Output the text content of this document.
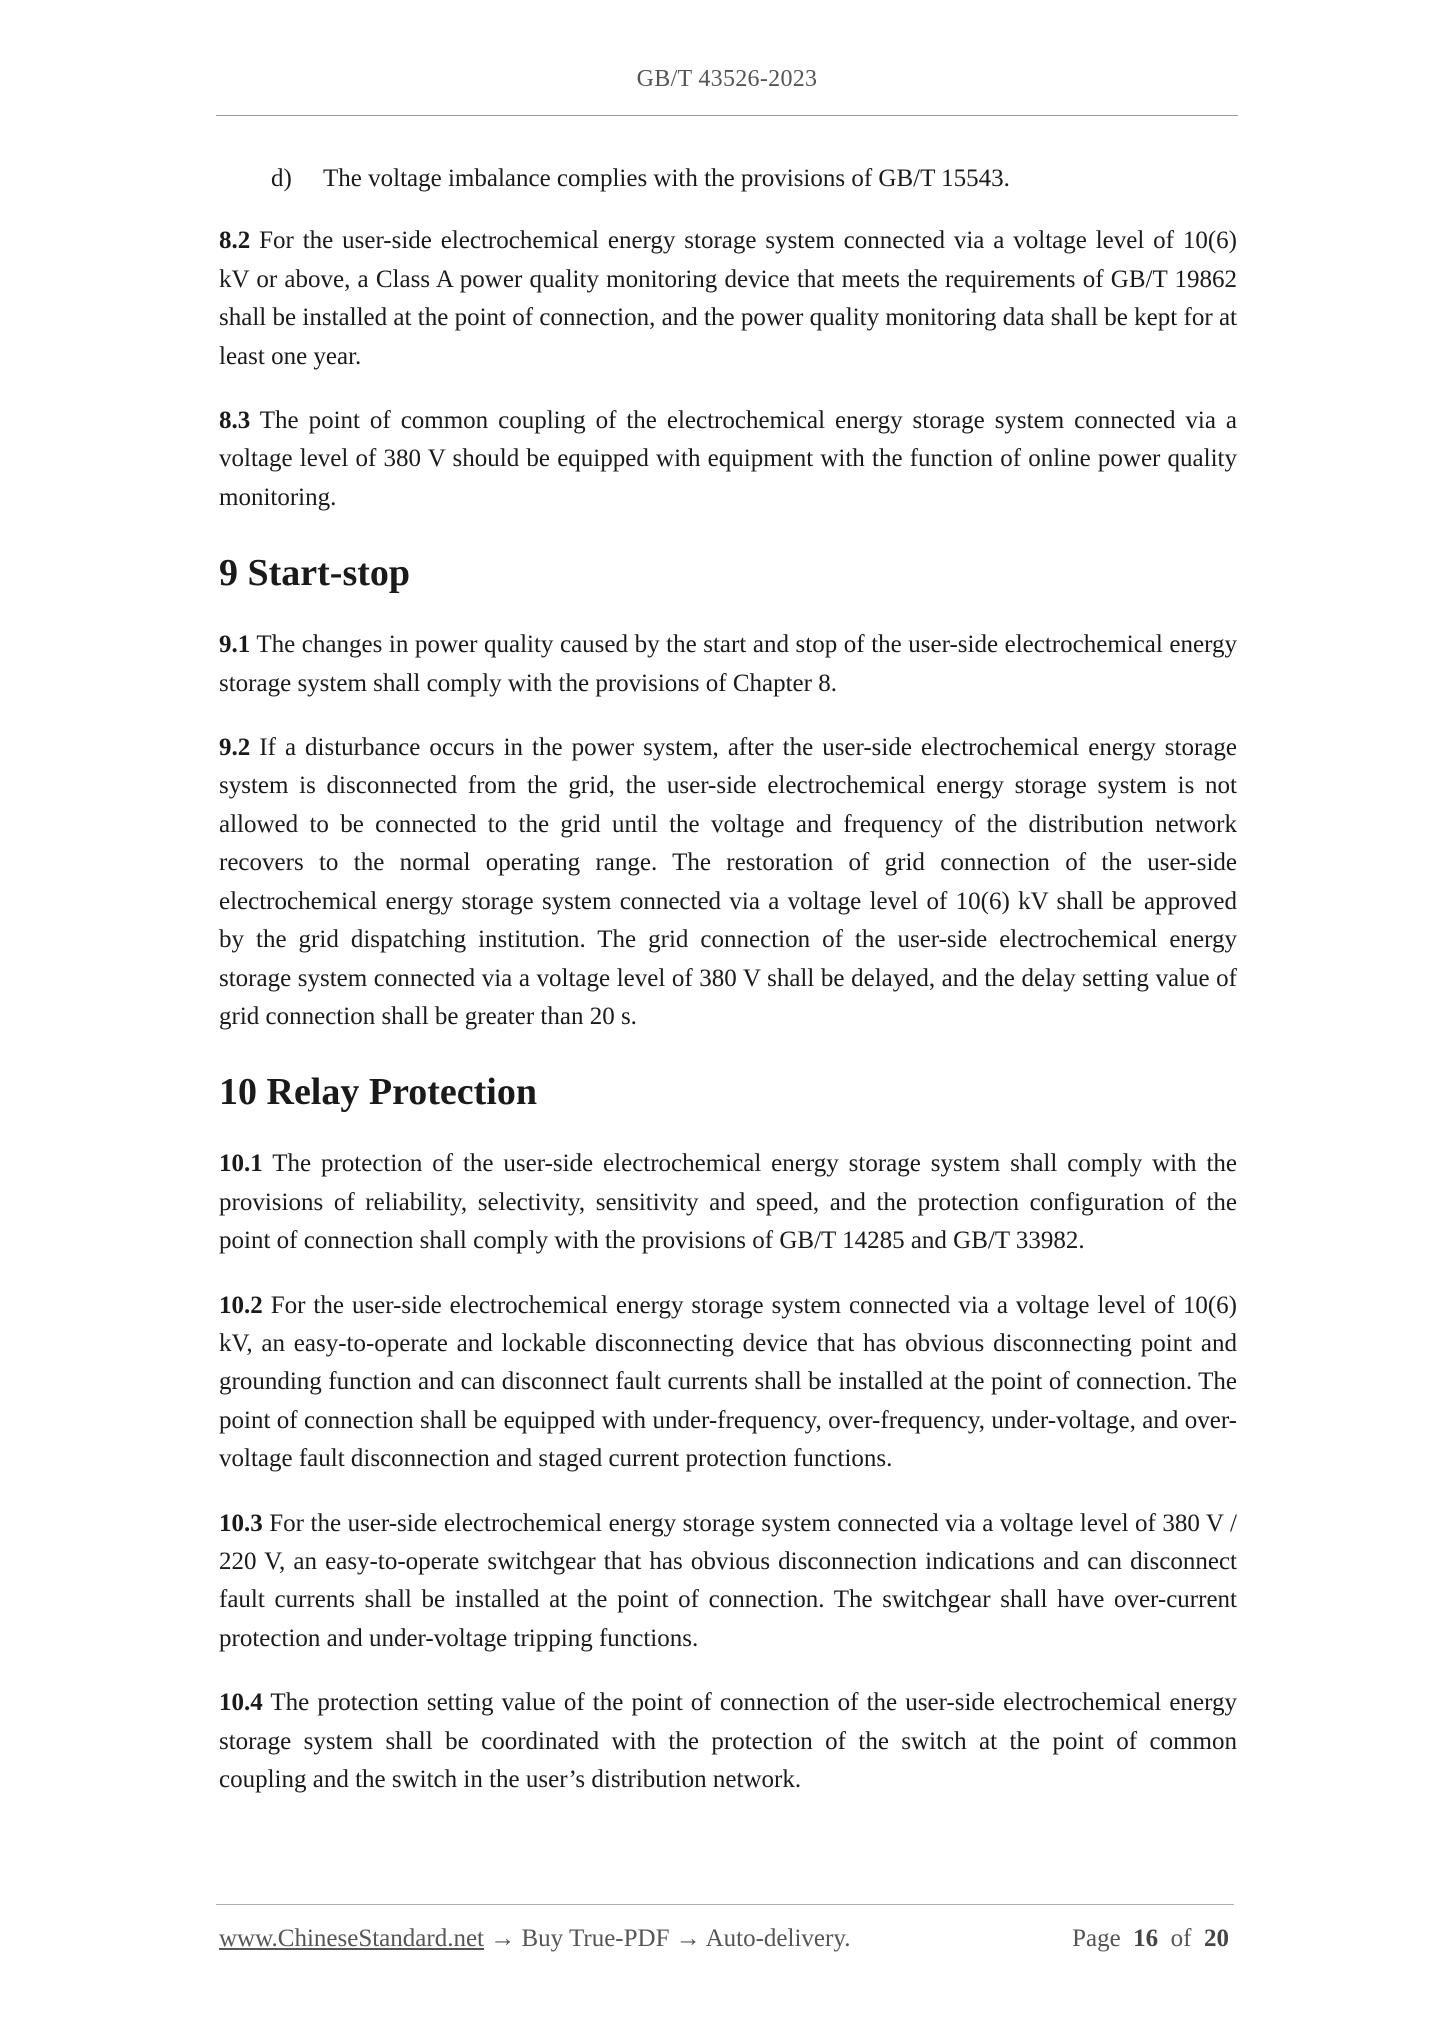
GB/T 43526-2023

d) The voltage imbalance complies with the provisions of GB/T 15543.

8.2 For the user-side electrochemical energy storage system connected via a voltage level of 10(6) kV or above, a Class A power quality monitoring device that meets the requirements of GB/T 19862 shall be installed at the point of connection, and the power quality monitoring data shall be kept for at least one year.

8.3 The point of common coupling of the electrochemical energy storage system connected via a voltage level of 380 V should be equipped with equipment with the function of online power quality monitoring.

9 Start-stop

9.1 The changes in power quality caused by the start and stop of the user-side electrochemical energy storage system shall comply with the provisions of Chapter 8.

9.2 If a disturbance occurs in the power system, after the user-side electrochemical energy storage system is disconnected from the grid, the user-side electrochemical energy storage system is not allowed to be connected to the grid until the voltage and frequency of the distribution network recovers to the normal operating range. The restoration of grid connection of the user-side electrochemical energy storage system connected via a voltage level of 10(6) kV shall be approved by the grid dispatching institution. The grid connection of the user-side electrochemical energy storage system connected via a voltage level of 380 V shall be delayed, and the delay setting value of grid connection shall be greater than 20 s.

10 Relay Protection

10.1 The protection of the user-side electrochemical energy storage system shall comply with the provisions of reliability, selectivity, sensitivity and speed, and the protection configuration of the point of connection shall comply with the provisions of GB/T 14285 and GB/T 33982.

10.2 For the user-side electrochemical energy storage system connected via a voltage level of 10(6) kV, an easy-to-operate and lockable disconnecting device that has obvious disconnecting point and grounding function and can disconnect fault currents shall be installed at the point of connection. The point of connection shall be equipped with under-frequency, over-frequency, under-voltage, and over-voltage fault disconnection and staged current protection functions.

10.3 For the user-side electrochemical energy storage system connected via a voltage level of 380 V / 220 V, an easy-to-operate switchgear that has obvious disconnection indications and can disconnect fault currents shall be installed at the point of connection. The switchgear shall have over-current protection and under-voltage tripping functions.

10.4 The protection setting value of the point of connection of the user-side electrochemical energy storage system shall be coordinated with the protection of the switch at the point of common coupling and the switch in the user’s distribution network.

www.ChineseStandard.net → Buy True-PDF → Auto-delivery.	Page 16 of 20
